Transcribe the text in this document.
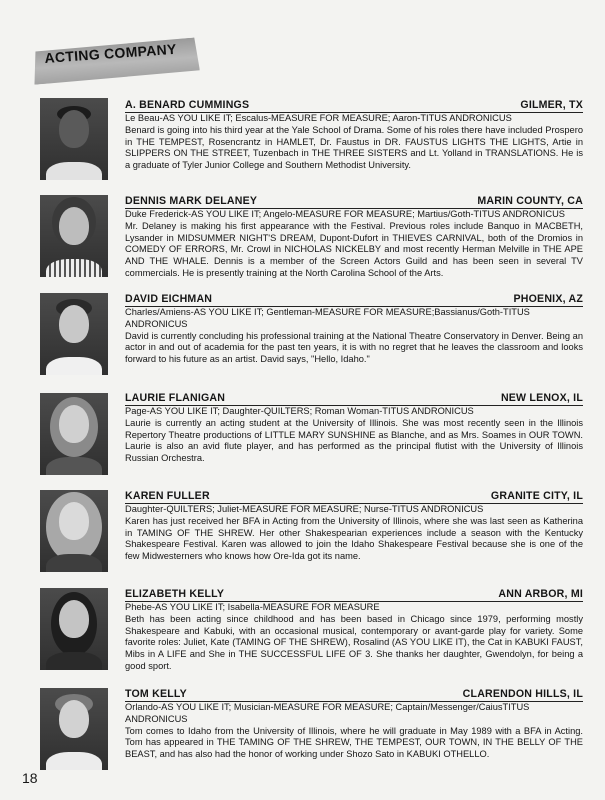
ACTING COMPANY
A. BENARD CUMMINGS	GILMER, TX

Le Beau-AS YOU LIKE IT; Escalus-MEASURE FOR MEASURE; Aaron-TITUS ANDRONICUS

Benard is going into his third year at the Yale School of Drama. Some of his roles there have included Prospero in THE TEMPEST, Rosencrantz in HAMLET, Dr. Faustus in DR. FAUSTUS LIGHTS THE LIGHTS, Artie in SLIPPERS ON THE STREET, Tuzenbach in THE THREE SISTERS and Lt. Yolland in TRANSLATIONS. He is a graduate of Tyler Junior College and Southern Methodist University.

DENNIS MARK DELANEY	MARIN COUNTY, CA

Duke Frederick-AS YOU LIKE IT; Angelo-MEASURE FOR MEASURE; Martius/Goth-TITUS ANDRONICUS

Mr. Delaney is making his first appearance with the Festival. Previous roles include Banquo in MACBETH, Lysander in MIDSUMMER NIGHT'S DREAM, Dupont-Dufort in THIEVES CARNIVAL, both of the Dromios in COMEDY OF ERRORS, Mr. Crowl in NICHOLAS NICKELBY and most recently Herman Melville in THE APE AND THE WHALE. Dennis is a member of the Screen Actors Guild and has been seen in several TV commercials. He is presently training at the North Carolina School of the Arts.

DAVID EICHMAN	PHOENIX, AZ

Charles/Amiens-AS YOU LIKE IT; Gentleman-MEASURE FOR MEASURE;Bassianus/Goth-TITUS ANDRONICUS

David is currently concluding his professional training at the National Theatre Conservatory in Denver. Being an actor in and out of academia for the past ten years, it is with no regret that he leaves the classroom and looks forward to his future as an artist. David says, "Hello, Idaho."

LAURIE FLANIGAN	NEW LENOX, IL

Page-AS YOU LIKE IT; Daughter-QUILTERS; Roman Woman-TITUS ANDRONICUS

Laurie is currently an acting student at the University of Illinois. She was most recently seen in the Illinois Repertory Theatre productions of LITTLE MARY SUNSHINE as Blanche, and as Mrs. Soames in OUR TOWN. Laurie is also an avid flute player, and has performed as the principal flutist with the University of Illinois Russian Orchestra.

KAREN FULLER	GRANITE CITY, IL

Daughter-QUILTERS; Juliet-MEASURE FOR MEASURE; Nurse-TITUS ANDRONICUS

Karen has just received her BFA in Acting from the University of Illinois, where she was last seen as Katherina in TAMING OF THE SHREW. Her other Shakespearian experiences include a season with the Kentucky Shakespeare Festival. Karen was allowed to join the Idaho Shakespeare Festival because she is one of the few Midwesterners who knows how Ore-Ida got its name.

ELIZABETH KELLY	ANN ARBOR, MI

Phebe-AS YOU LIKE IT; Isabella-MEASURE FOR MEASURE

Beth has been acting since childhood and has been based in Chicago since 1979, performing mostly Shakespeare and Kabuki, with an occasional musical, contemporary or avant-garde play for variety. Some favorite roles: Juliet, Kate (TAMING OF THE SHREW), Rosalind (AS YOU LIKE IT), the Cat in KABUKI FAUST, Mibs in A LIFE and She in THE SUCCESSFUL LIFE OF 3. She thanks her daughter, Gwendolyn, for being a good sport.

TOM KELLY	CLARENDON HILLS, IL

Orlando-AS YOU LIKE IT; Musician-MEASURE FOR MEASURE; Captain/Messenger/CaiusTITUS ANDRONICUS

Tom comes to Idaho from the University of Illinois, where he will graduate in May 1989 with a BFA in Acting. Tom has appeared in THE TAMING OF THE SHREW, THE TEMPEST, OUR TOWN, IN THE BELLY OF THE BEAST, and has also had the honor of working under Shozo Sato in KABUKI OTHELLO.

18
